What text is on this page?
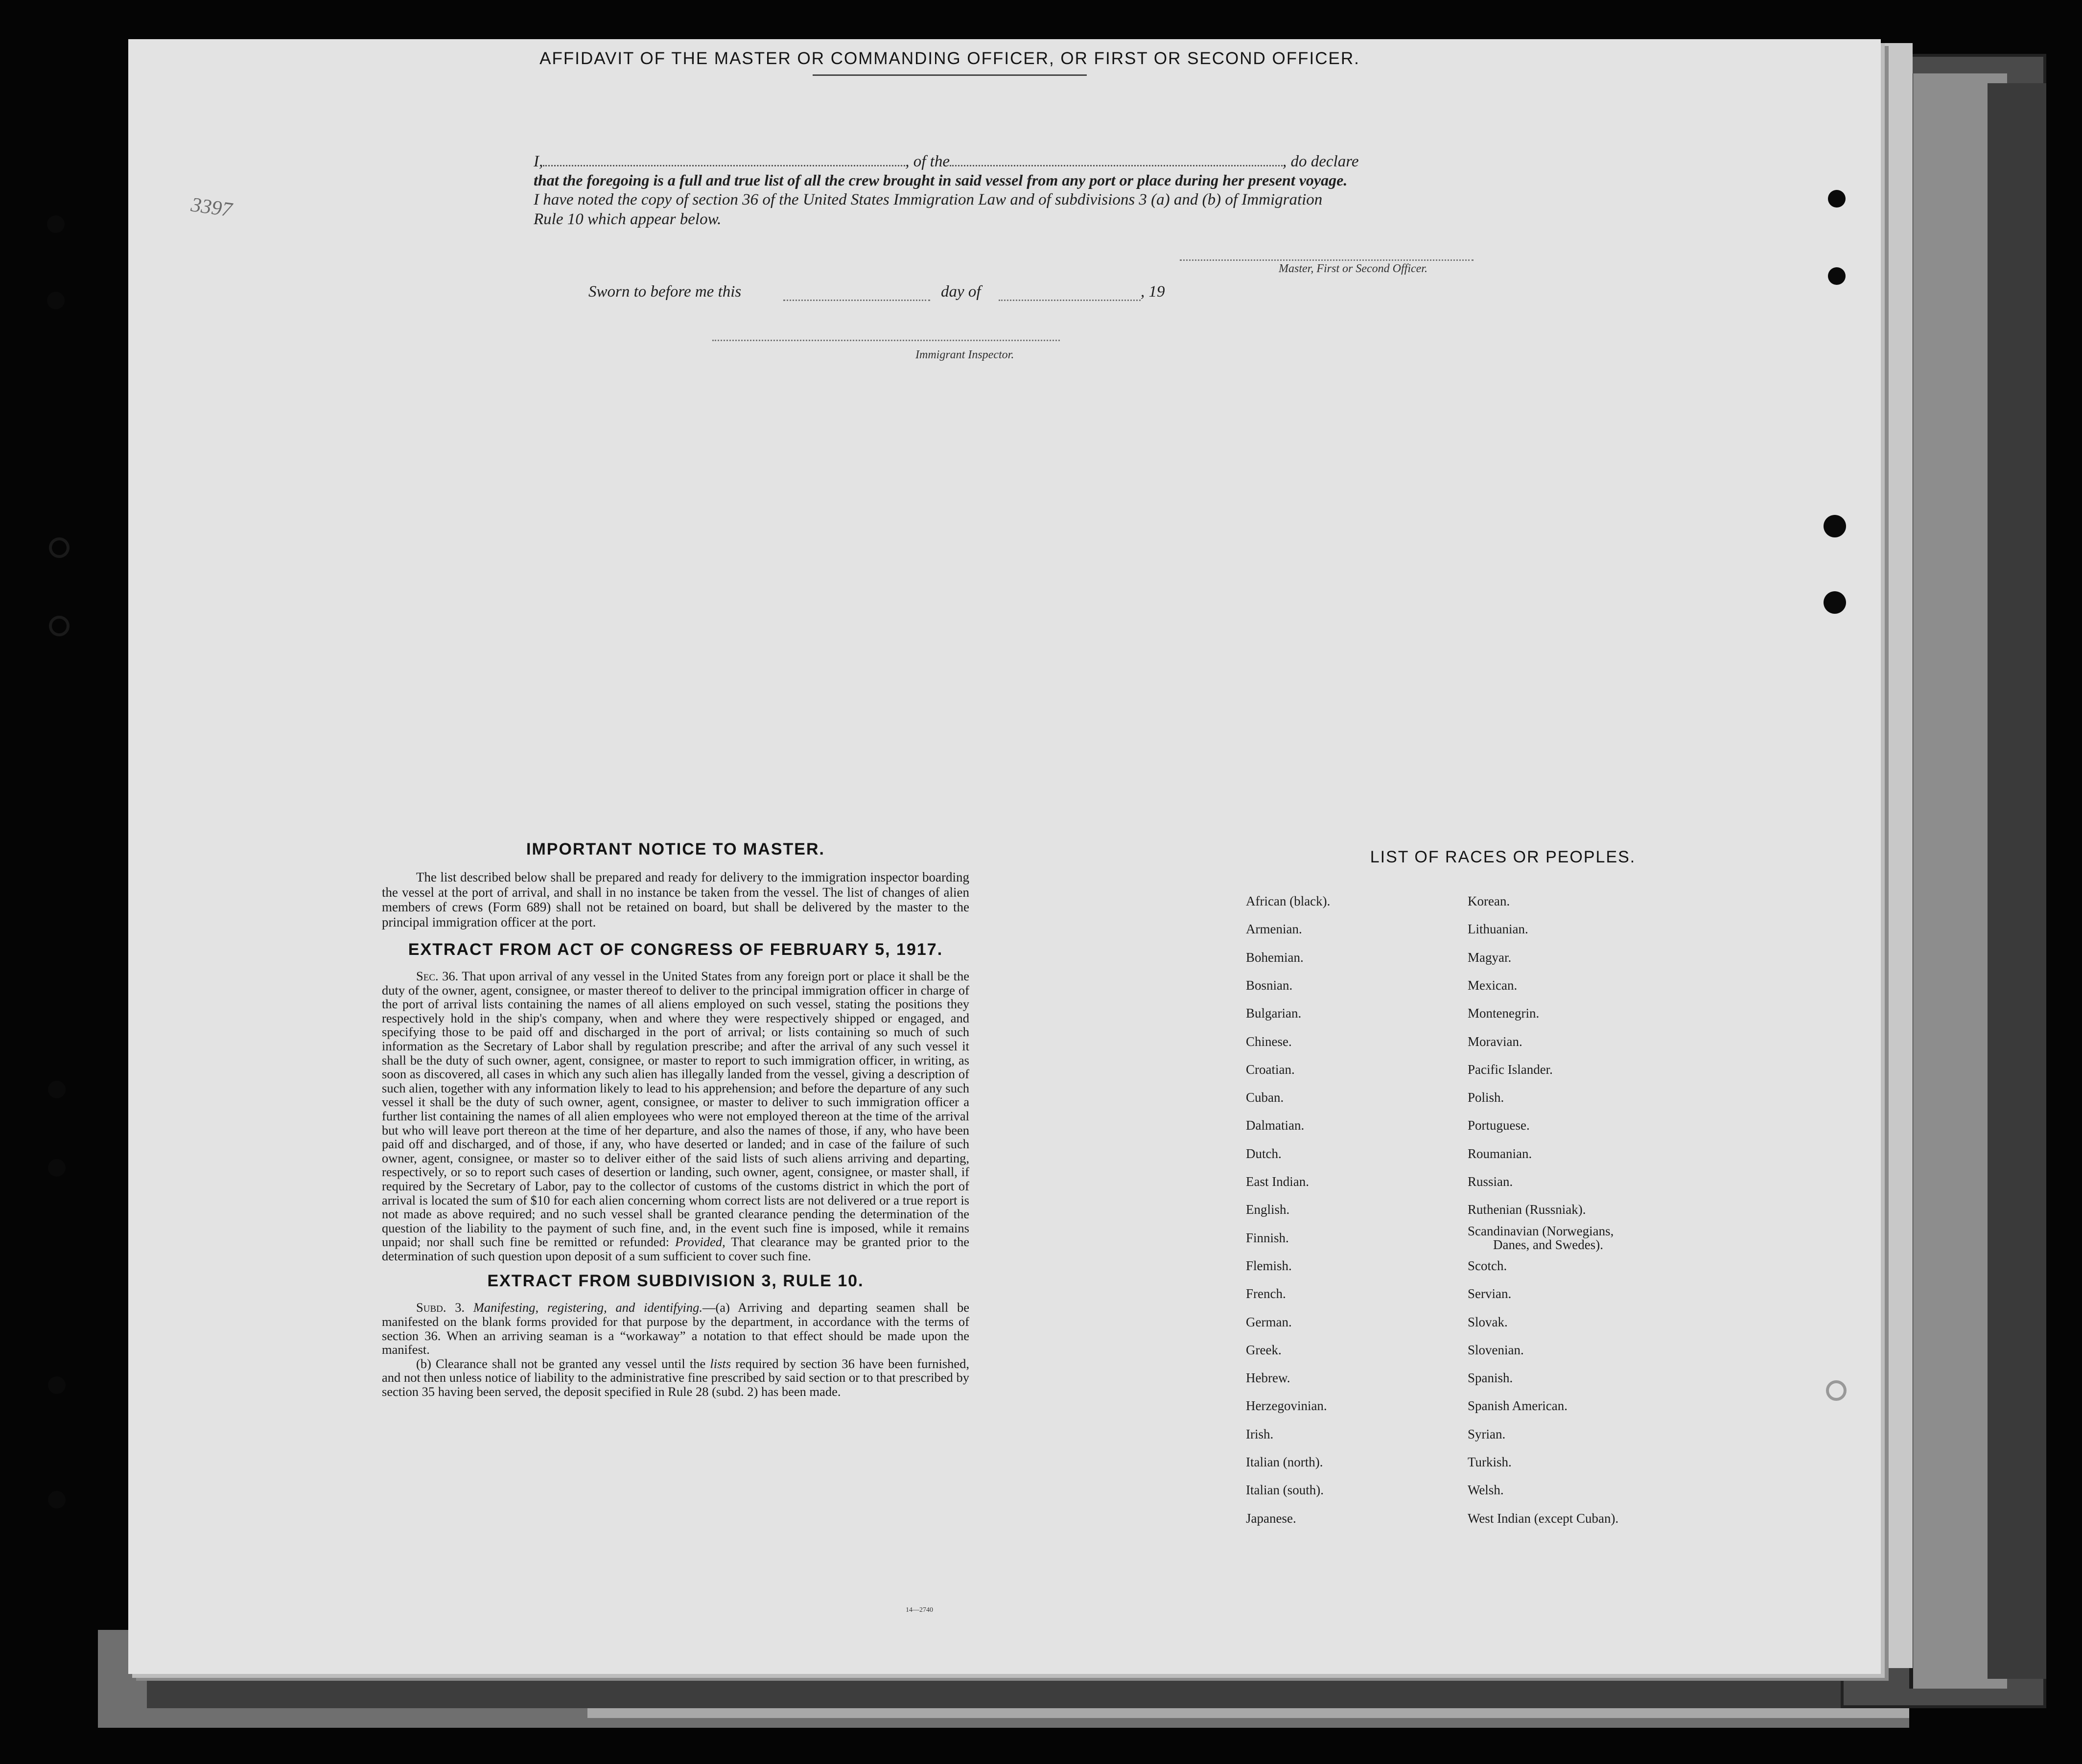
3397
AFFIDAVIT OF THE MASTER OR COMMANDING OFFICER, OR FIRST OR SECOND OFFICER.
I,	, of the	, do declare
that the foregoing is a full and true list of all the crew brought in said vessel from any port or place during her present voyage.
I have noted the copy of section 36 of the United States Immigration Law and of subdivisions 3 (a) and (b) of Immigration
Rule 10 which appear below.
Master, First or Second Officer.
Sworn to before me this	day of	, 19
Immigrant Inspector.
IMPORTANT NOTICE TO MASTER.

The list described below shall be prepared and ready for delivery to the immigration inspector boarding the vessel at the port of arrival, and shall in no instance be taken from the vessel. The list of changes of alien members of crews (Form 689) shall not be retained on board, but shall be delivered by the master to the principal immigration officer at the port.

EXTRACT FROM ACT OF CONGRESS OF FEBRUARY 5, 1917.

Sec. 36. That upon arrival of any vessel in the United States from any foreign port or place it shall be the duty of the owner, agent, consignee, or master thereof to deliver to the principal immigration officer in charge of the port of arrival lists containing the names of all aliens employed on such vessel, stating the positions they respectively hold in the ship's company, when and where they were respectively shipped or engaged, and specifying those to be paid off and discharged in the port of arrival; or lists containing so much of such information as the Secretary of Labor shall by regulation prescribe; and after the arrival of any such vessel it shall be the duty of such owner, agent, consignee, or master to report to such immigration officer, in writing, as soon as discovered, all cases in which any such alien has illegally landed from the vessel, giving a description of such alien, together with any information likely to lead to his apprehension; and before the departure of any such vessel it shall be the duty of such owner, agent, consignee, or master to deliver to such immigration officer a further list containing the names of all alien employees who were not employed thereon at the time of the arrival but who will leave port thereon at the time of her departure, and also the names of those, if any, who have been paid off and discharged, and of those, if any, who have deserted or landed; and in case of the failure of such owner, agent, consignee, or master so to deliver either of the said lists of such aliens arriving and departing, respectively, or so to report such cases of desertion or landing, such owner, agent, consignee, or master shall, if required by the Secretary of Labor, pay to the collector of customs of the customs district in which the port of arrival is located the sum of $10 for each alien concerning whom correct lists are not delivered or a true report is not made as above required; and no such vessel shall be granted clearance pending the determination of the question of the liability to the payment of such fine, and, in the event such fine is imposed, while it remains unpaid; nor shall such fine be remitted or refunded: Provided, That clearance may be granted prior to the determination of such question upon deposit of a sum sufficient to cover such fine.

EXTRACT FROM SUBDIVISION 3, RULE 10.

Subd. 3. Manifesting, registering, and identifying.—(a) Arriving and departing seamen shall be manifested on the blank forms provided for that purpose by the department, in accordance with the terms of section 36. When an arriving seaman is a “workaway” a notation to that effect should be made upon the manifest.

(b) Clearance shall not be granted any vessel until the lists required by section 36 have been furnished, and not then unless notice of liability to the administrative fine prescribed by said section or to that prescribed by section 35 having been served, the deposit specified in Rule 28 (subd. 2) has been made.

14—2740
LIST OF RACES OR PEOPLES.
African (black).
Armenian.
Bohemian.
Bosnian.
Bulgarian.
Chinese.
Croatian.
Cuban.
Dalmatian.
Dutch.
East Indian.
English.
Finnish.
Flemish.
French.
German.
Greek.
Hebrew.
Herzegovinian.
Irish.
Italian (north).
Italian (south).
Japanese.
Korean.
Lithuanian.
Magyar.
Mexican.
Montenegrin.
Moravian.
Pacific Islander.
Polish.
Portuguese.
Roumanian.
Russian.
Ruthenian (Russniak).
Scandinavian (Norwegians,
Danes, and Swedes).
Scotch.
Servian.
Slovak.
Slovenian.
Spanish.
Spanish American.
Syrian.
Turkish.
Welsh.
West Indian (except Cuban).
